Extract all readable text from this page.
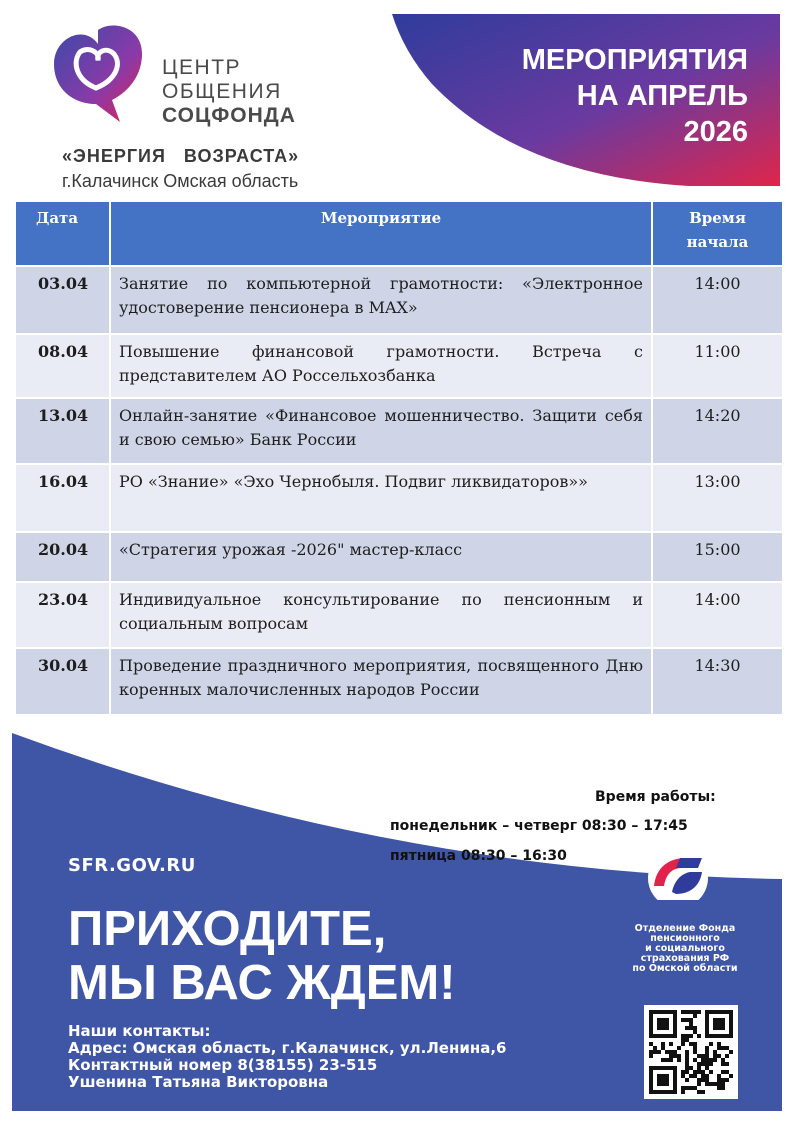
МЕРОПРИЯТИЯ
НА АПРЕЛЬ
2026
ЦЕНТР
ОБЩЕНИЯ
СОЦФОНДА
«ЭНЕРГИЯ   ВОЗРАСТА»
г.Калачинск Омская область
Дата	Мероприятие	Время
начала
03.04	Занятие по компьютерной грамотности: «Электронное удостоверение пенсионера в MAX»	14:00
08.04	Повышение финансовой грамотности. Встреча с представителем АО Россельхозбанка	11:00
13.04	Онлайн-занятие «Финансовое мошенничество. Защити себя и свою семью» Банк России	14:20
16.04	РО «Знание» «Эхо Чернобыля. Подвиг ликвидаторов»»	13:00
20.04	«Стратегия урожая -2026" мастер-класс	15:00
23.04	Индивидуальное консультирование по пенсионным и социальным вопросам	14:00
30.04	Проведение праздничного мероприятия, посвященного Дню коренных малочисленных народов России	14:30
Время работы:
понедельник – четверг 08:30 – 17:45
пятница 08:30 – 16:30
SFR.GOV.RU
ПРИХОДИТЕ,
МЫ ВАС ЖДЕМ!
Наши контакты:
Адрес: Омская область, г.Калачинск, ул.Ленина,6
Контактный номер 8(38155) 23-515
Ушенина Татьяна Викторовна
Отделение Фонда
пенсионного
и социального
страхования РФ
по Омской области
